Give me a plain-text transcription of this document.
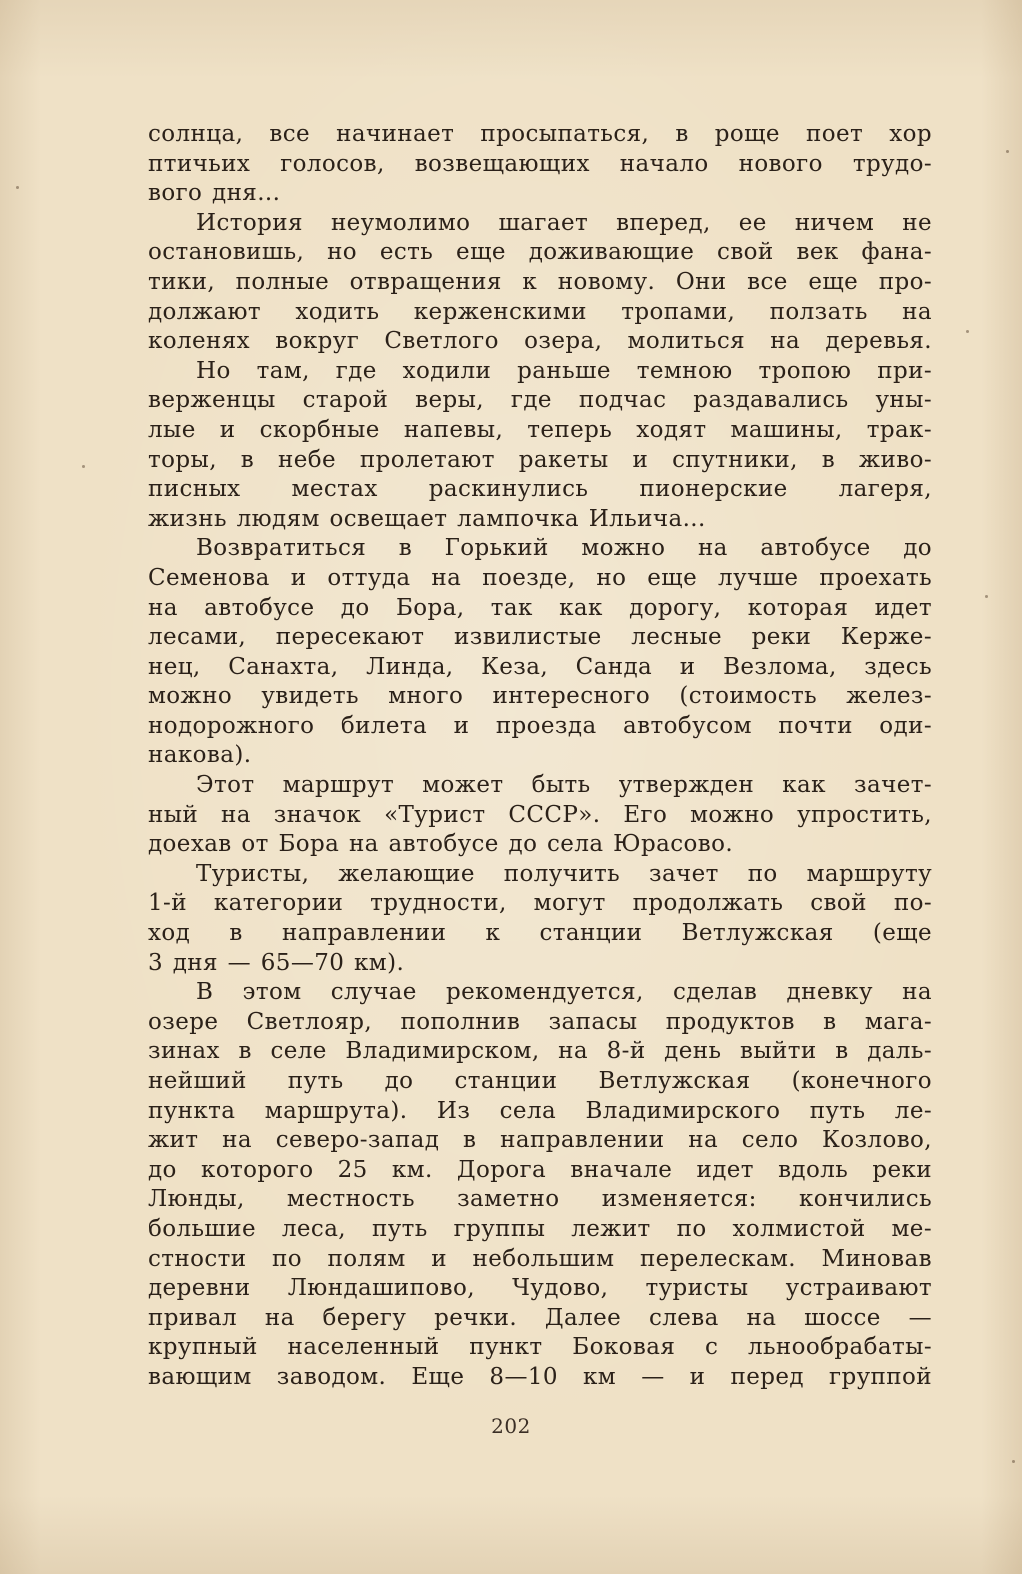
солнца, все начинает просыпаться, в роще поет хор
птичьих голосов, возвещающих начало нового трудо-
вого дня...
История неумолимо шагает вперед, ее ничем не
остановишь, но есть еще доживающие свой век фана-
тики, полные отвращения к новому. Они все еще про-
должают ходить керженскими тропами, ползать на
коленях вокруг Светлого озера, молиться на деревья.
Но там, где ходили раньше темною тропою при-
верженцы старой веры, где подчас раздавались уны-
лые и скорбные напевы, теперь ходят машины, трак-
торы, в небе пролетают ракеты и спутники, в живо-
писных местах раскинулись пионерские лагеря,
жизнь людям освещает лампочка Ильича...
Возвратиться в Горький можно на автобусе до
Семенова и оттуда на поезде, но еще лучше проехать
на автобусе до Бора, так как дорогу, которая идет
лесами, пересекают извилистые лесные реки Керже-
нец, Санахта, Линда, Кеза, Санда и Везлома, здесь
можно увидеть много интересного (стоимость желез-
нодорожного билета и проезда автобусом почти оди-
накова).
Этот маршрут может быть утвержден как зачет-
ный на значок «Турист СССР». Его можно упростить,
доехав от Бора на автобусе до села Юрасово.
Туристы, желающие получить зачет по маршруту
1-й категории трудности, могут продолжать свой по-
ход в направлении к станции Ветлужская (еще
3 дня — 65—70 км).
В этом случае рекомендуется, сделав дневку на
озере Светлояр, пополнив запасы продуктов в мага-
зинах в селе Владимирском, на 8-й день выйти в даль-
нейший путь до станции Ветлужская (конечного
пункта маршрута). Из села Владимирского путь ле-
жит на северо-запад в направлении на село Козлово,
до которого 25 км. Дорога вначале идет вдоль реки
Люнды, местность заметно изменяется: кончились
большие леса, путь группы лежит по холмистой ме-
стности по полям и небольшим перелескам. Миновав
деревни Люндашипово, Чудово, туристы устраивают
привал на берегу речки. Далее слева на шоссе —
крупный населенный пункт Боковая с льнообрабаты-
вающим заводом. Еще 8—10 км — и перед группой
202
